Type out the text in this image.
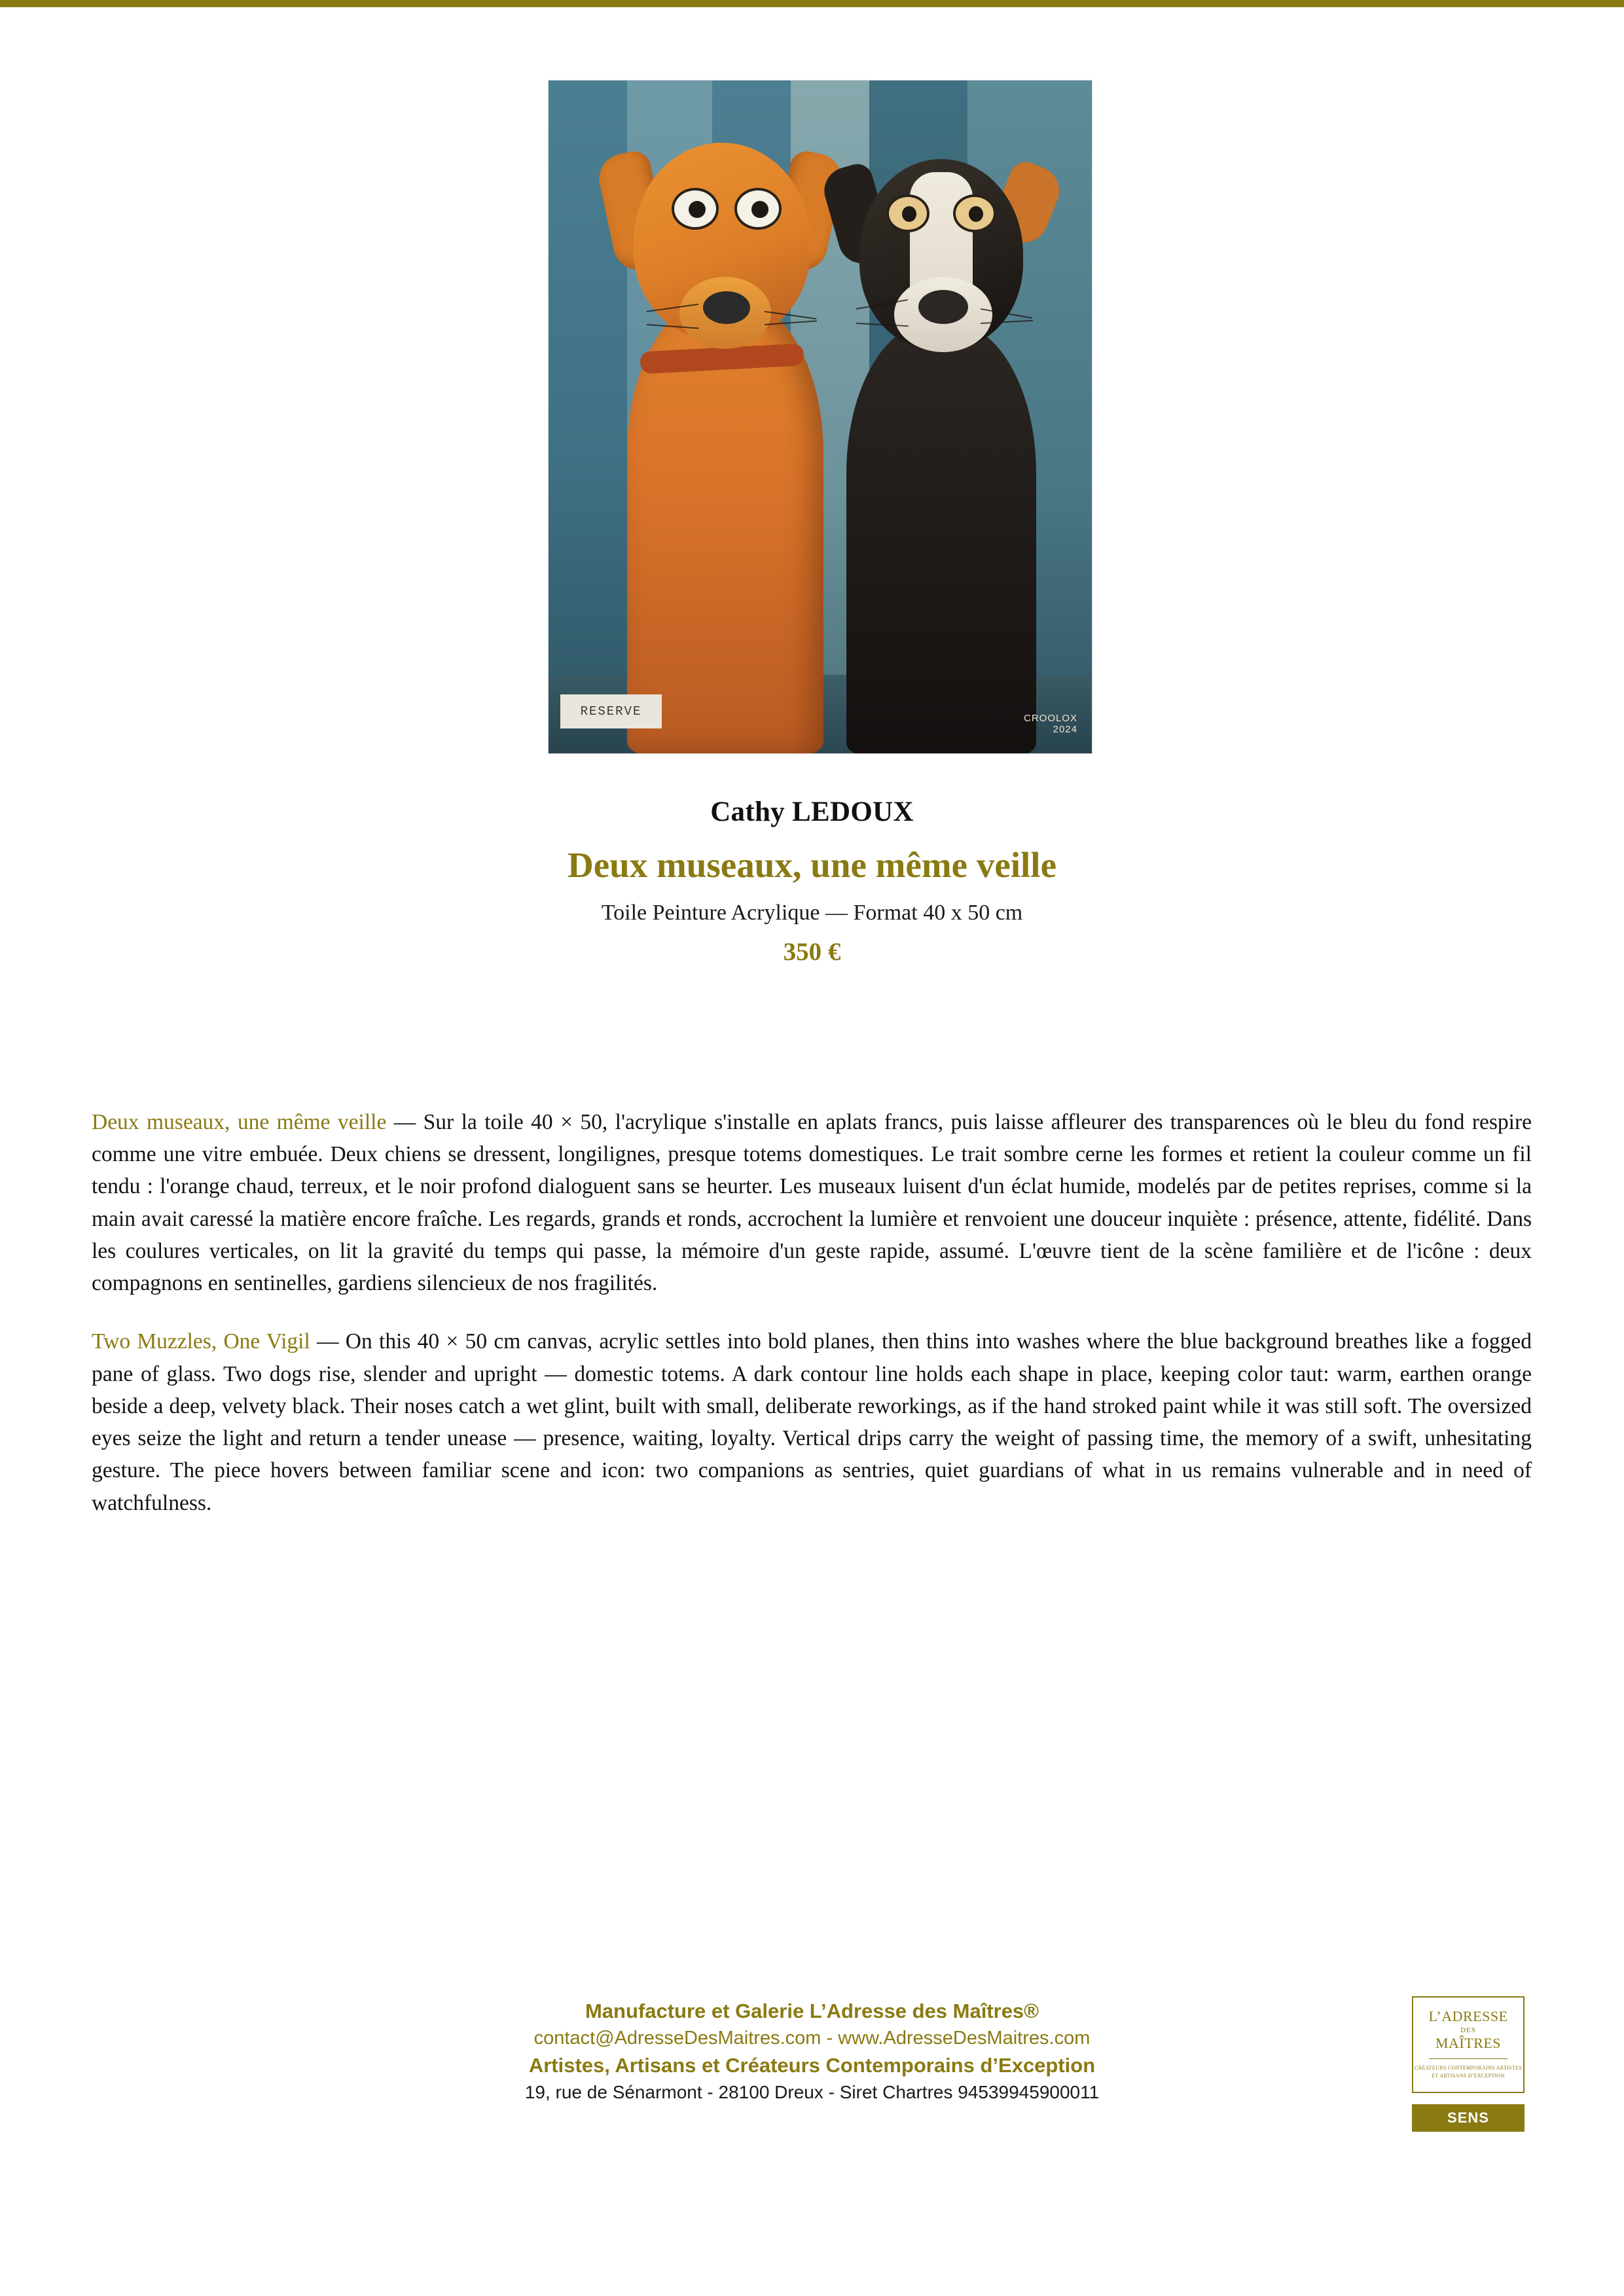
RESERVE	CROOLOX
2024
Cathy LEDOUX
Deux museaux, une même veille
Toile Peinture Acrylique — Format 40 x 50 cm
350 €

Deux museaux, une même veille — Sur la toile 40 × 50, l'acrylique s'installe en aplats francs, puis laisse affleurer des transparences où le bleu du fond respire comme une vitre embuée. Deux chiens se dressent, longilignes, presque totems domestiques. Le trait sombre cerne les formes et retient la couleur comme un fil tendu : l'orange chaud, terreux, et le noir profond dialoguent sans se heurter. Les museaux luisent d'un éclat humide, modelés par de petites reprises, comme si la main avait caressé la matière encore fraîche. Les regards, grands et ronds, accrochent la lumière et renvoient une douceur inquiète : présence, attente, fidélité. Dans les coulures verticales, on lit la gravité du temps qui passe, la mémoire d'un geste rapide, assumé. L'œuvre tient de la scène familière et de l'icône : deux compagnons en sentinelles, gardiens silencieux de nos fragilités.

Two Muzzles, One Vigil — On this 40 × 50 cm canvas, acrylic settles into bold planes, then thins into washes where the blue background breathes like a fogged pane of glass. Two dogs rise, slender and upright — domestic totems. A dark contour line holds each shape in place, keeping color taut: warm, earthen orange beside a deep, velvety black. Their noses catch a wet glint, built with small, deliberate reworkings, as if the hand stroked paint while it was still soft. The oversized eyes seize the light and return a tender unease — presence, waiting, loyalty. Vertical drips carry the weight of passing time, the memory of a swift, unhesitating gesture. The piece hovers between familiar scene and icon: two companions as sentries, quiet guardians of what in us remains vulnerable and in need of watchfulness.

Manufacture et Galerie L’Adresse des Maîtres®
contact@AdresseDesMaitres.com - www.AdresseDesMaitres.com
Artistes, Artisans et Créateurs Contemporains d’Exception
19, rue de Sénarmont - 28100 Dreux - Siret Chartres 94539945900011
L’ADRESSE
DES
MAÎTRES
CRÉATEURS CONTEMPORAINS ARTISTES ET ARTISANS D’EXCEPTION
SENS
